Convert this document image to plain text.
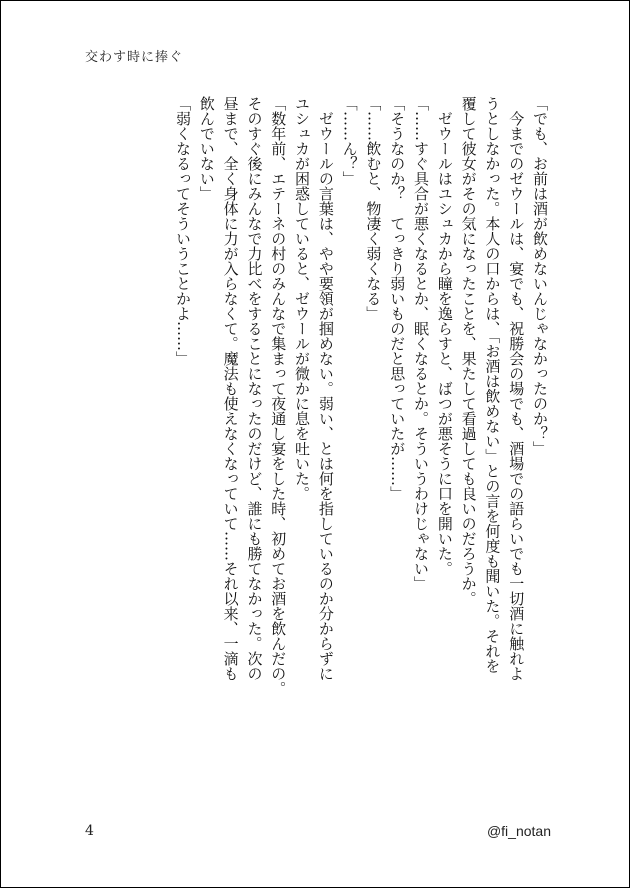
交わす時に捧ぐ

「でも、お前は酒が飲めないんじゃなかったのか？」

　今までのゼウールは、宴でも、祝勝会の場でも、酒場での語らいでも一切酒に触れよ

うとしなかった。本人の口からは、「お酒は飲めない」との言を何度も聞いた。それを

覆して彼女がその気になったことを、果たして看過しても良いのだろうか。

　ゼウールはユシュカから瞳を逸らすと、ばつが悪そうに口を開いた。

「……すぐ具合が悪くなるとか、眠くなるとか。そういうわけじゃない」

「そうなのか？　てっきり弱いものだと思っていたが……」

「……飲むと、物凄く弱くなる」

「……ん？」

　ゼウールの言葉は、やや要領が掴めない。弱い、とは何を指しているのか分からずに

ユシュカが困惑していると、ゼウールが微かに息を吐いた。

「数年前、エテーネの村のみんなで集まって夜通し宴をした時、初めてお酒を飲んだの。

そのすぐ後にみんなで力比べをすることになったのだけど、誰にも勝てなかった。次の

昼まで、全く身体に力が入らなくて。魔法も使えなくなっていて……それ以来、一滴も

飲んでいない」

「弱くなるってそういうことかよ……」

4	@fi_notan
